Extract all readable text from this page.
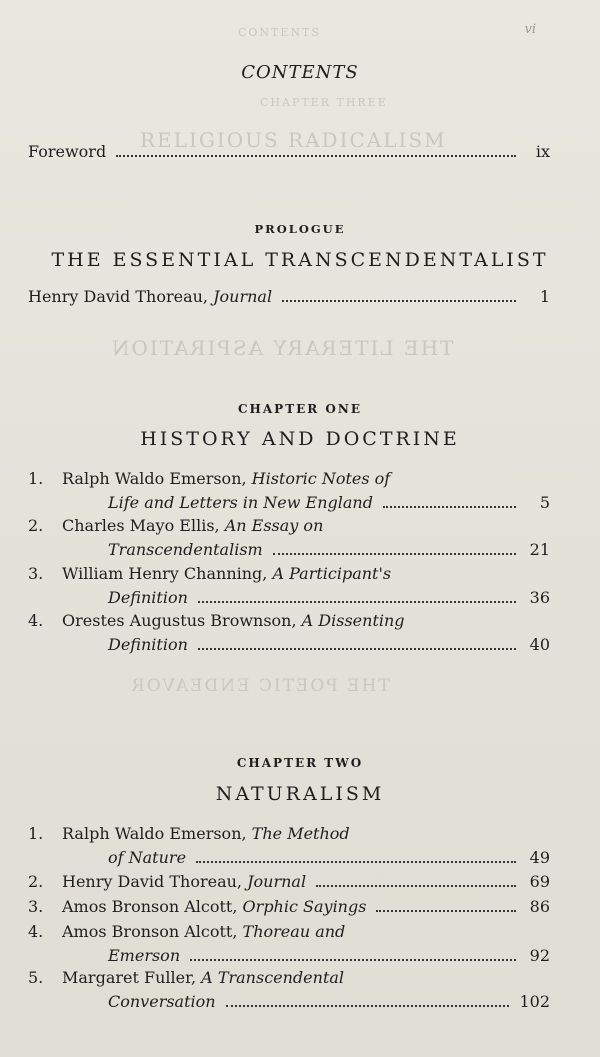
CONTENTS
CHAPTER THREE
RELIGIOUS RADICALISM
THE LITERARY ASPIRATION
THE POETIC ENDEAVOR
vi
CONTENTS
Foreword	ix
PROLOGUE
THE ESSENTIAL TRANSCENDENTALIST
Henry David Thoreau,
Journal	1
CHAPTER ONE
HISTORY AND DOCTRINE
1.	Ralph Waldo Emerson,
Historic Notes of
Life and Letters in New England	5
2.	Charles Mayo Ellis,
An Essay on
Transcendentalism	21
3.	William Henry Channing,
A Participant's
Definition	36
4.	Orestes Augustus Brownson,
A Dissenting
Definition	40
CHAPTER TWO
NATURALISM
1.	Ralph Waldo Emerson,
The Method
of Nature	49
2.	Henry David Thoreau,
Journal	69
3.	Amos Bronson Alcott,
Orphic Sayings	86
4.	Amos Bronson Alcott,
Thoreau and
Emerson	92
5.	Margaret Fuller,
A Transcendental
Conversation	102
